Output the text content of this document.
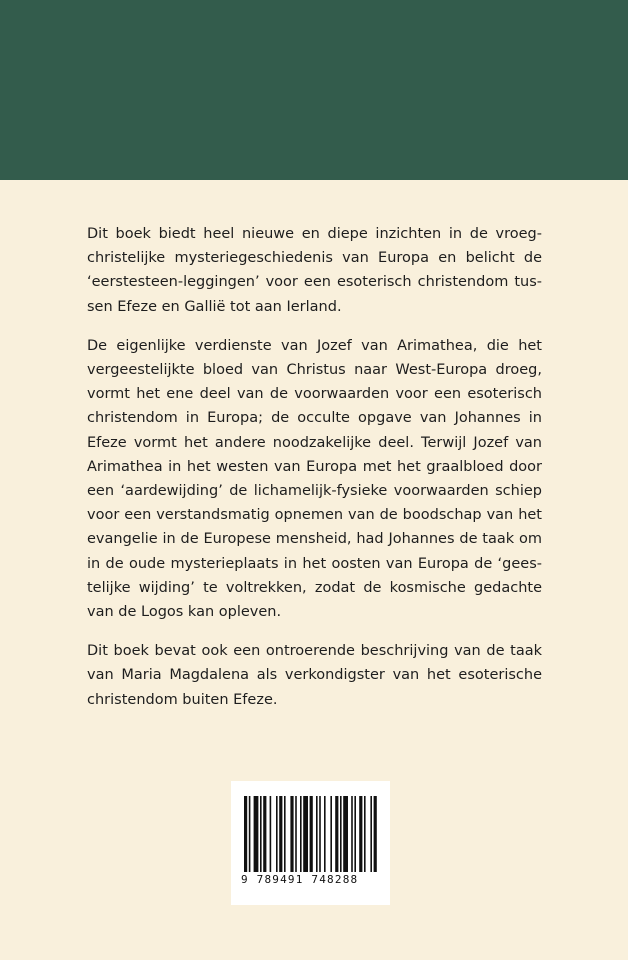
Dit boek biedt heel nieuwe en diepe inzichten in de vroegchristelijke mysteriegeschiedenis van Europa en belicht de ‘eerstesteen-leggingen’ voor een esoterisch christendom tussen Efeze en Gallië tot aan Ierland.

De eigenlijke verdienste van Jozef van Arimathea, die het vergeestelijkte bloed van Christus naar West-Europa droeg, vormt het ene deel van de voorwaarden voor een esoterisch christendom in Europa; de occulte opgave van Johannes in Efeze vormt het andere noodzakelijke deel. Terwijl Jozef van Arimathea in het westen van Europa met het graalbloed door een ‘aardewijding’ de lichamelijk-fysieke voorwaarden schiep voor een verstandsmatig opnemen van de boodschap van het evangelie in de Europese mensheid, had Johannes de taak om in de oude mysterieplaats in het oosten van Europa de ‘geestelijke wijding’ te voltrekken, zodat de kosmische gedachte van de Logos kan opleven.

Dit boek bevat ook een ontroerende beschrijving van de taak van Maria Magdalena als verkondigster van het esoterische christendom buiten Efeze.

9 789491 748288
